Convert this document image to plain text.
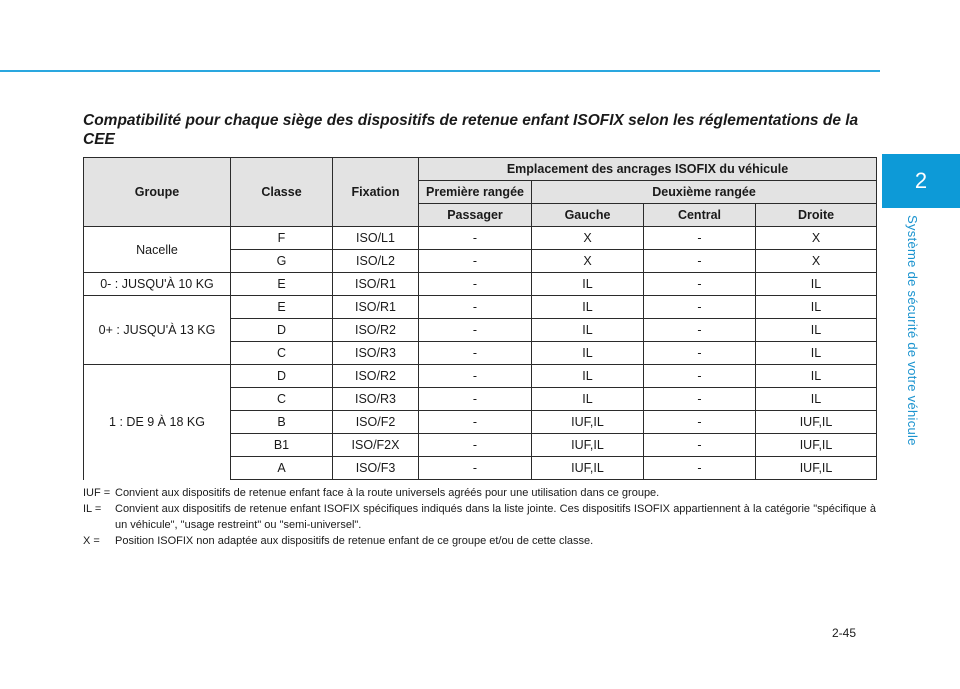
2
Système de sécurité de votre véhicule
Compatibilité pour chaque siège des dispositifs de retenue enfant ISOFIX selon les réglementations de la CEE
Groupe	Classe	Fixation	Emplacement des ancrages ISOFIX du véhicule			
			Première rangée	Deuxième rangée		
			Passager	Gauche	Central	Droite
Nacelle	F	ISO/L1	-	X	-	X
	G	ISO/L2	-	X	-	X
0- : JUSQU'À 10 KG	E	ISO/R1	-	IL	-	IL
0+ : JUSQU'À 13 KG	E	ISO/R1	-	IL	-	IL
	D	ISO/R2	-	IL	-	IL
	C	ISO/R3	-	IL	-	IL
1 : DE 9 À 18 KG	D	ISO/R2	-	IL	-	IL
	C	ISO/R3	-	IL	-	IL
	B	ISO/F2	-	IUF,IL	-	IUF,IL
	B1	ISO/F2X	-	IUF,IL	-	IUF,IL
	A	ISO/F3	-	IUF,IL	-	IUF,IL
IUF = Convient aux dispositifs de retenue enfant face à la route universels agréés pour une utilisation dans ce groupe.
IL =	Convient aux dispositifs de retenue enfant ISOFIX spécifiques indiqués dans la liste jointe. Ces dispositifs ISOFIX appartiennent à la catégorie "spécifique à un véhicule", "usage restreint" ou "semi-universel".
X =	Position ISOFIX non adaptée aux dispositifs de retenue enfant de ce groupe et/ou de cette classe.
2-45
